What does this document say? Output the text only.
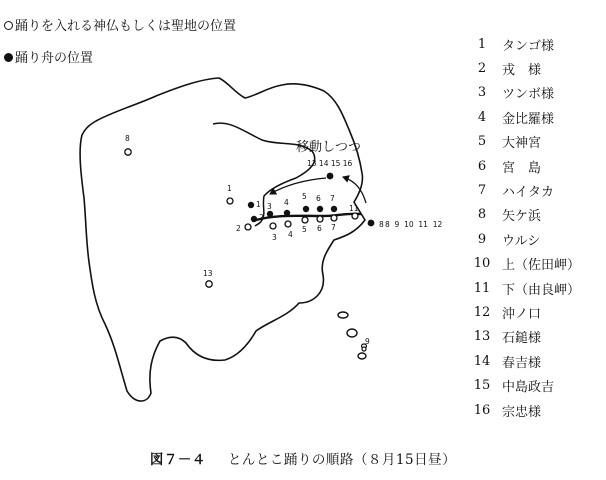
踊りを入れる神仏もしくは聖地の位置
踊り舟の位置
8
1
13
9
1
2
3 4
5 6 7
11
2
3 4
5 6 7	8
移動しつつ
13 14 15 16
8  9  10  11  12
1	タンゴ様
2	戎　様
3	ツンボ様
4	金比羅様
5	大神宮
6	宮　島
7	ハイタカ
8	矢ケ浜
9	ウルシ
10 上（佐田岬）
11 下（由良岬）
12 沖ノ口
13 石鎚様
14 春吉様
15 中島政吉
16 宗忠様
図７－４ とんとこ踊りの順路（８月15日昼）
